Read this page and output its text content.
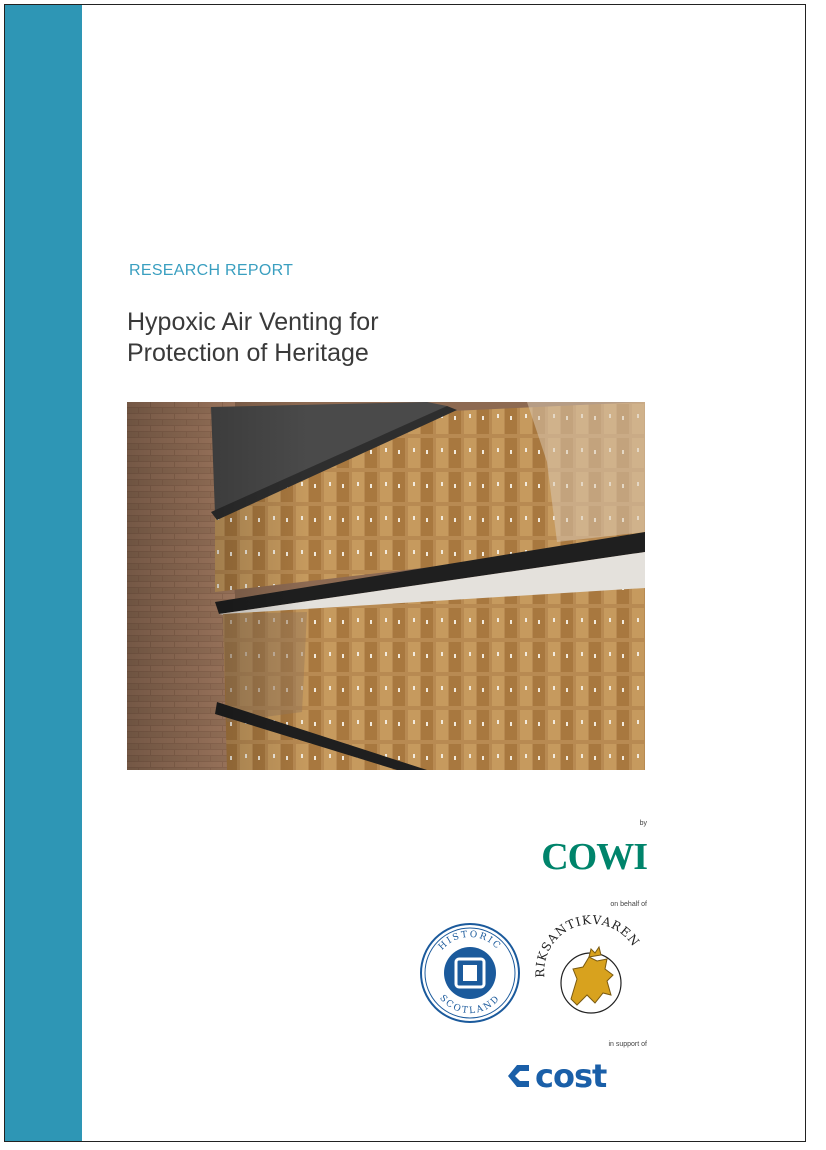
RESEARCH REPORT
Hypoxic Air Venting for
Protection of Heritage
by
COWI
on behalf of
HISTORIC
SCOTLAND
RIKSANTIKVAREN
in support of
cost
